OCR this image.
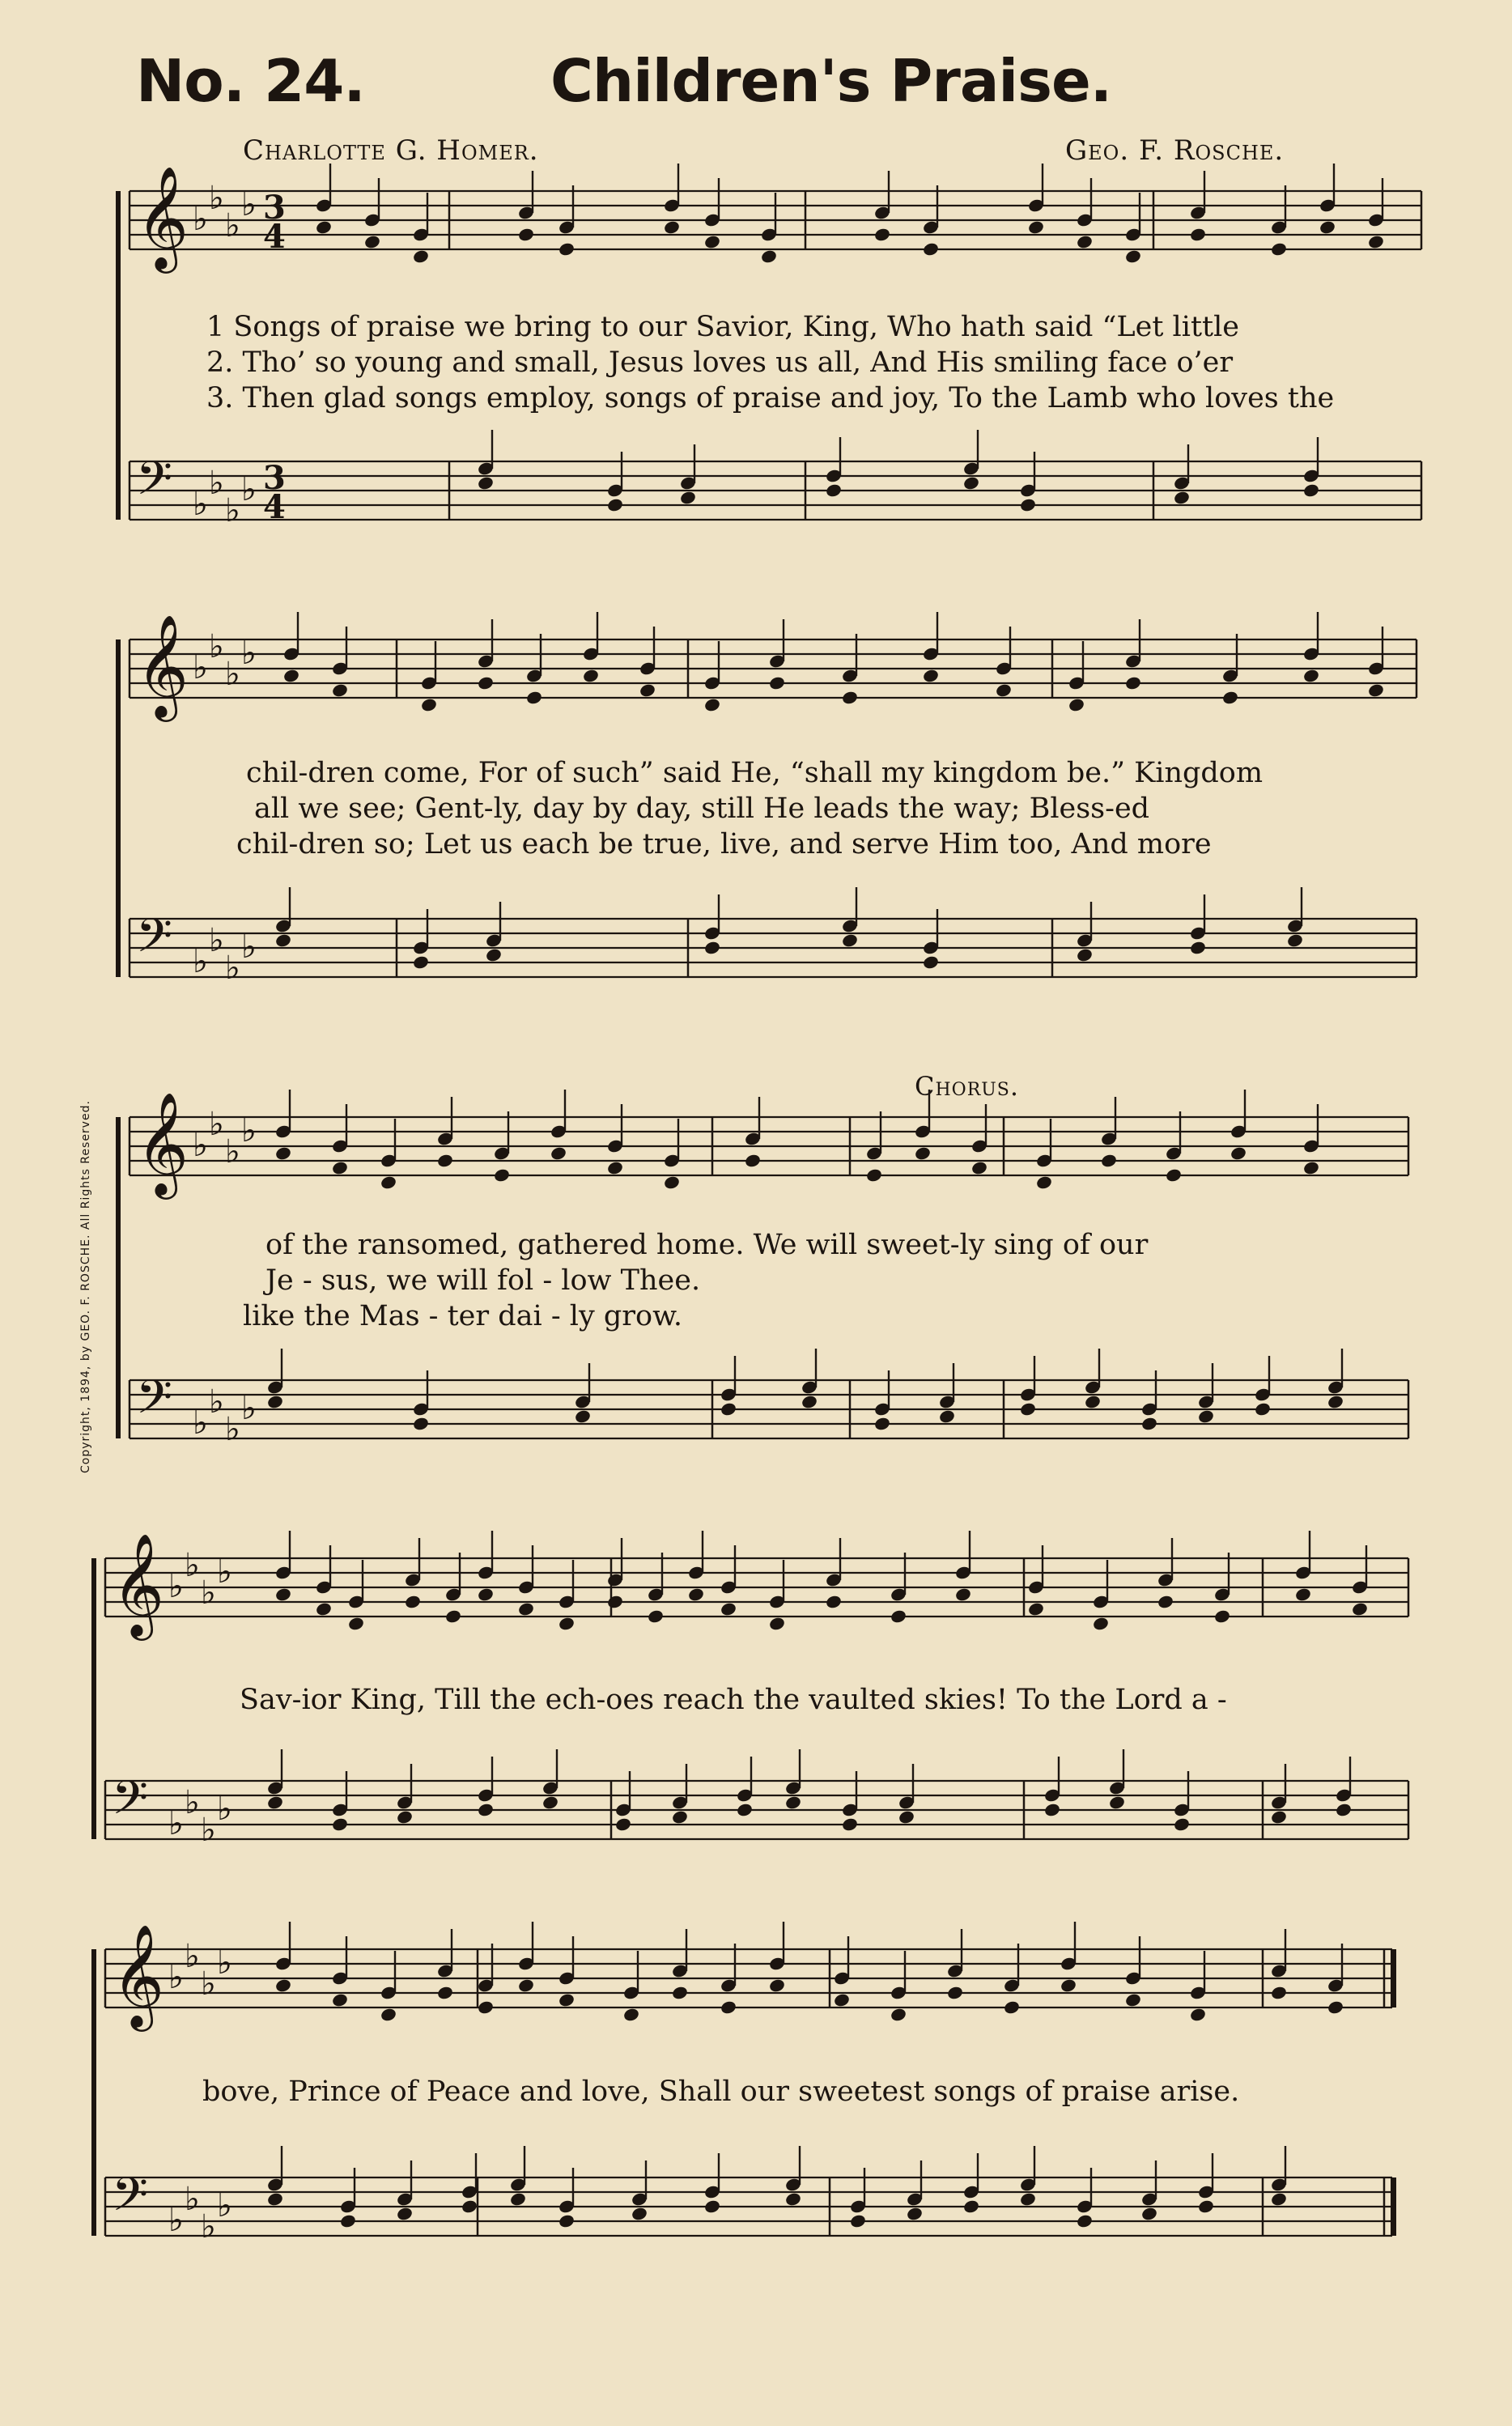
No. 24.	Children's Praise.
Charlotte G. Homer.	Geo. F. Rosche.
Copyright, 1894, by GEO. F. ROSCHE. All Rights Reserved.
𝄞 ♭
♭
♭
♭ 3
4
𝄢 ♭
♭
♭
♭ 3
4
𝄞 ♭
♭
♭
♭
𝄢 ♭
♭
♭
♭
𝄞 ♭
♭
♭
♭
𝄢 ♭
♭
♭
♭
𝄞 ♭
♭
♭
♭
𝄢 ♭
♭
♭
♭
𝄞 ♭
♭
♭
♭
𝄢 ♭
♭
♭
♭
1 Songs of praise we bring to our Savior, King, Who hath said “Let little
2. Tho’ so young and small, Jesus loves us all, And His smiling face o’er
3. Then glad songs employ, songs of praise and joy, To the Lamb who loves the
chil-dren come, For of such” said He, “shall my kingdom be.” Kingdom
all we see; Gent-ly, day by day, still He leads the way; Bless-ed
chil-dren so; Let us each be true, live, and serve Him too, And more
Chorus.
of the ransomed, gathered home. We will sweet-ly sing of our
Je - sus, we will fol - low Thee.
like the Mas - ter dai - ly grow.
Sav-ior King, Till the ech-oes reach the vaulted skies! To the Lord a -
bove, Prince of Peace and love, Shall our sweetest songs of praise arise.
